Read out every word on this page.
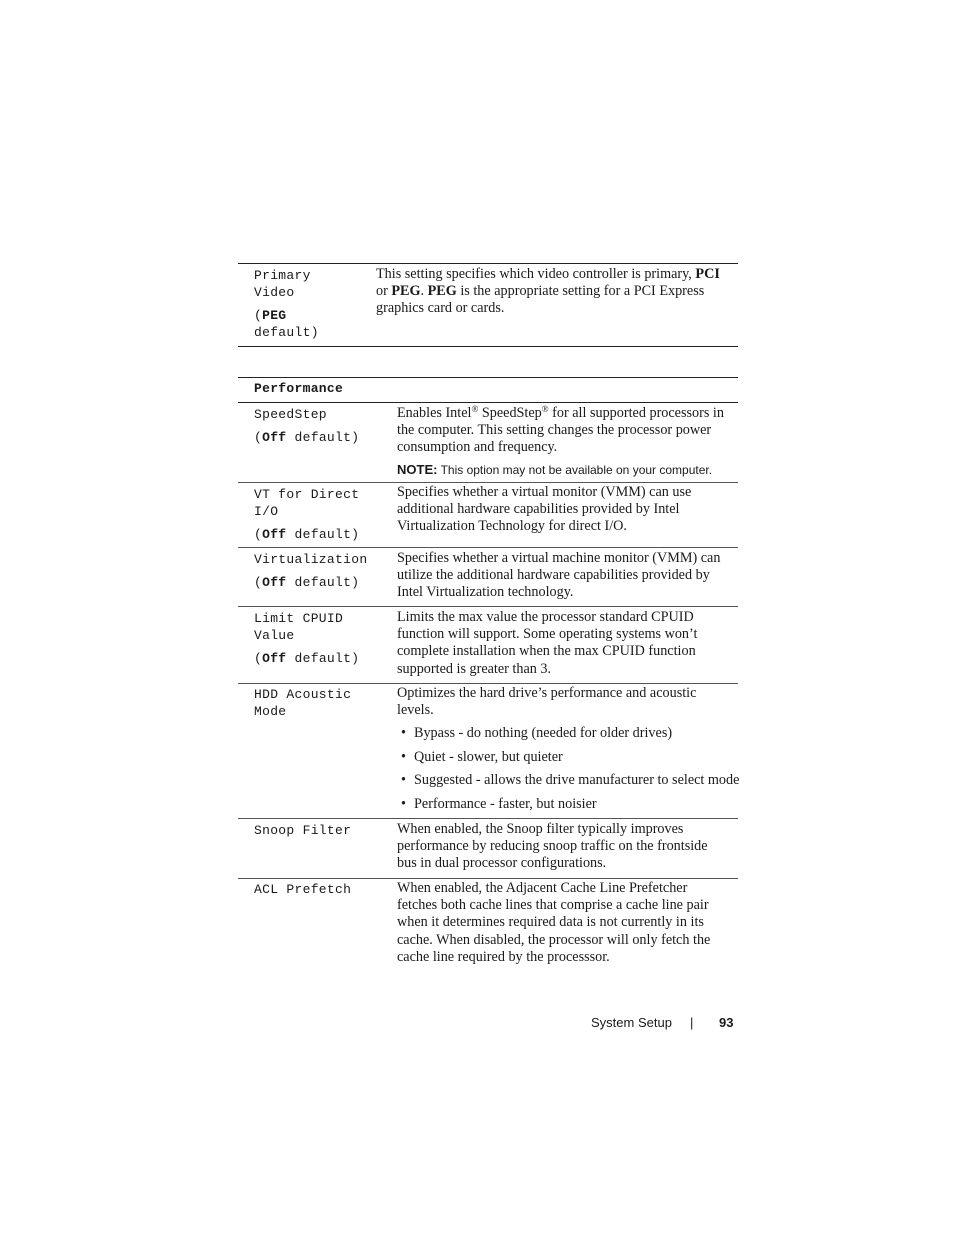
Primary Video
(PEG
default)

This setting specifies which video controller is primary, PCI or PEG. PEG is the appropriate setting for a PCI Express graphics card or cards.

Performance
SpeedStep
(Off default)

Enables Intel® SpeedStep® for all supported processors in the computer. This setting changes the processor power consumption and frequency.

NOTE: This option may not be available on your computer.
VT for Direct I/O
(Off default)

Specifies whether a virtual monitor (VMM) can use additional hardware capabilities provided by Intel Virtualization Technology for direct I/O.

Virtualization
(Off default)

Specifies whether a virtual machine monitor (VMM) can utilize the additional hardware capabilities provided by Intel Virtualization technology.

Limit CPUID Value
(Off default)

Limits the max value the processor standard CPUID function will support. Some operating systems won’t complete installation when the max CPUID function supported is greater than 3.

HDD Acoustic Mode

Optimizes the hard drive’s performance and acoustic levels.

• Bypass - do nothing (needed for older drives)
• Quiet - slower, but quieter
• Suggested - allows the drive manufacturer to select mode
• Performance - faster, but noisier
Snoop Filter	When enabled, the Snoop filter typically improves performance by reducing snoop traffic on the frontside bus in dual processor configurations.

ACL Prefetch	When enabled, the Adjacent Cache Line Prefetcher fetches both cache lines that comprise a cache line pair when it determines required data is not currently in its cache. When disabled, the processor will only fetch the cache line required by the processsor.

System Setup | 93
